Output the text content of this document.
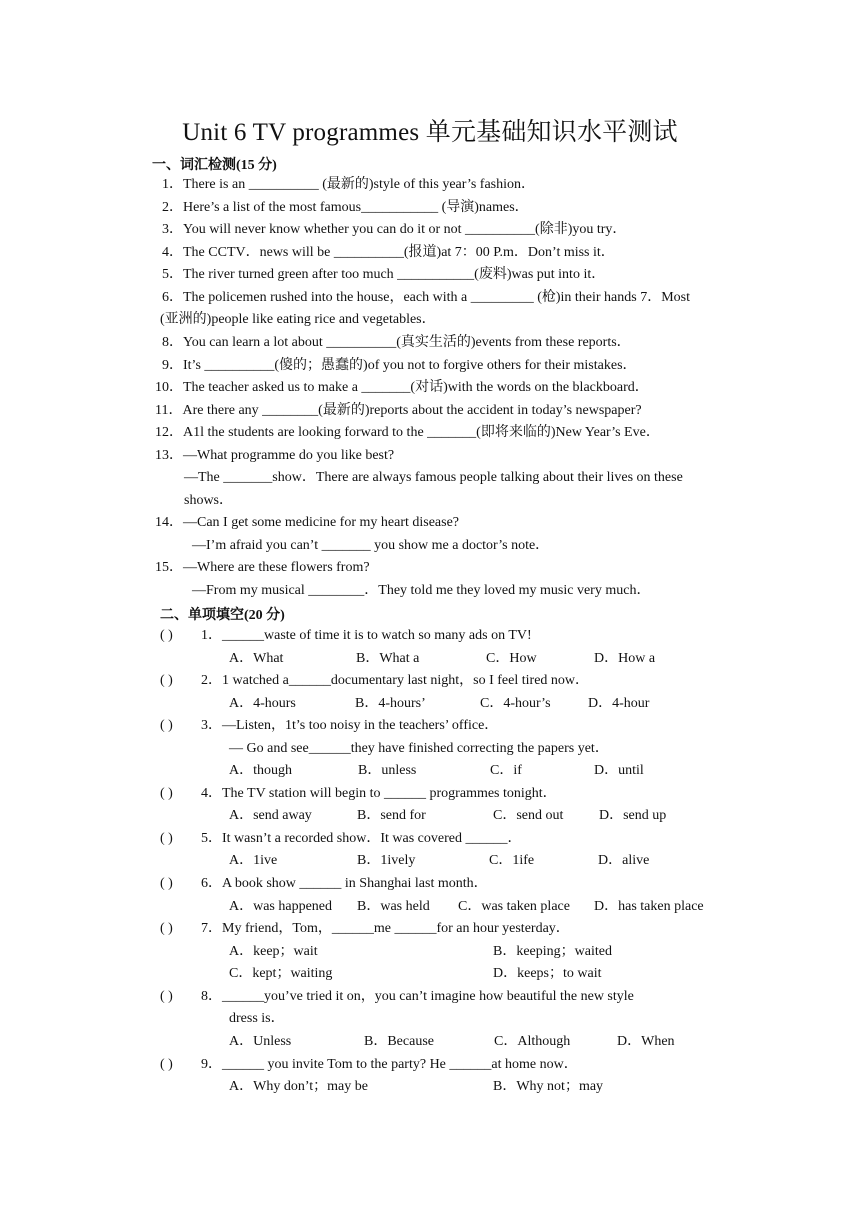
Unit 6 TV programmes 单元基础知识水平测试
一、词汇检测(15 分)
1．There is an __________ (最新的)style of this year’s fashion．
2．Here’s a list of the most famous___________ (导演)names．
3．You will never know whether you can do it or not __________(除非)you try．
4．The CCTV．news will be __________(报道)at 7：00 P.m．Don’t miss it．
5．The river turned green after too much ___________(废料)was put into it．
6．The policemen rushed into the house，each with a _________ (枪)in their hands 7．Most
(亚洲的)people like eating rice and vegetables．
8．You can learn a lot about __________(真实生活的)events from these reports．
9．It’s __________(傻的；愚蠢的)of you not to forgive others for their mistakes．
10．The teacher asked us to make a _______(对话)with the words on the blackboard．
11．Are there any ________(最新的)reports about the accident in today’s newspaper?
12．A1l the students are looking forward to the _______(即将来临的)New Year’s Eve．
13．—What programme do you like best?
—The _______show．There are always famous people talking about their lives on these
shows．
14．—Can I get some medicine for my heart disease?
—I’m afraid you can’t _______ you show me a doctor’s note．
15．—Where are these flowers from?
—From my musical ________．They told me they loved my music very much．
二、单项填空(20 分)
( ) 1．______waste of time it is to watch so many ads on TV!
A．What	B．What a	C．How	D．How a
( ) 2．1 watched a______documentary last night，so I feel tired now．
A．4-hours	B．4-hours’	C．4-hour’s	D．4-hour
( ) 3．—Listen，1t’s too noisy in the teachers’ office．
— Go and see______they have finished correcting the papers yet．
A．though	B．unless	C．if	D．until
( ) 4．The TV station will begin to ______ programmes tonight．
A．send away	B．send for	C．send out	D．send up
( ) 5．It wasn’t a recorded show．It was covered ______．
A．1ive	B．1ively	C．1ife	D．alive
( ) 6．A book show ______ in Shanghai last month．
A．was happened B．was held C．was taken place D．has taken place
( ) 7．My friend，Tom，______me ______for an hour yesterday．
A．keep；wait	B．keeping；waited
C．kept；waiting	D．keeps；to wait
( ) 8．______you’ve tried it on，you can’t imagine how beautiful the new style
dress is．
A．Unless	B．Because	C．Although	D．When
( ) 9．______ you invite Tom to the party? He ______at home now．
A．Why don’t；may be	B．Why not；may
